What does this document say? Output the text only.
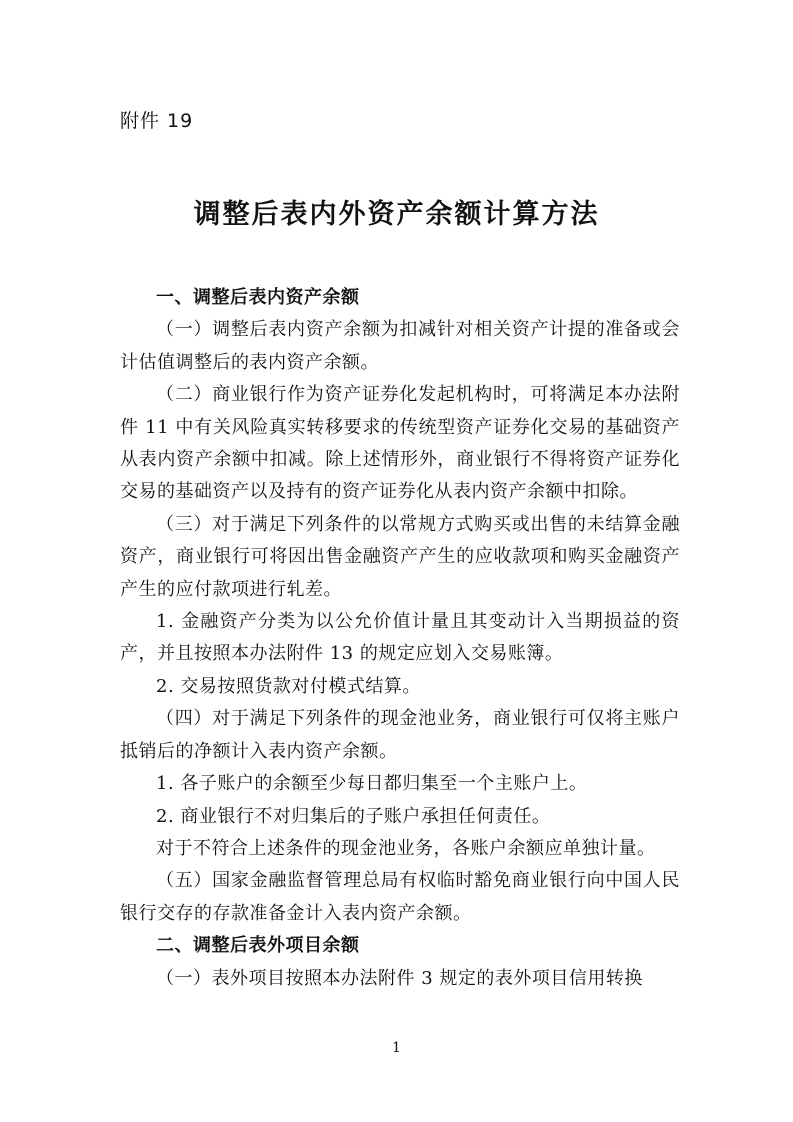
附件 19
调整后表内外资产余额计算方法

一、调整后表内资产余额

（一）调整后表内资产余额为扣减针对相关资产计提的准备或会计估值调整后的表内资产余额。

（二）商业银行作为资产证券化发起机构时，可将满足本办法附件 11 中有关风险真实转移要求的传统型资产证券化交易的基础资产从表内资产余额中扣减。除上述情形外，商业银行不得将资产证券化交易的基础资产以及持有的资产证券化从表内资产余额中扣除。

（三）对于满足下列条件的以常规方式购买或出售的未结算金融资产，商业银行可将因出售金融资产产生的应收款项和购买金融资产产生的应付款项进行轧差。

1. 金融资产分类为以公允价值计量且其变动计入当期损益的资产，并且按照本办法附件 13 的规定应划入交易账簿。

2. 交易按照货款对付模式结算。

（四）对于满足下列条件的现金池业务，商业银行可仅将主账户抵销后的净额计入表内资产余额。

1. 各子账户的余额至少每日都归集至一个主账户上。

2. 商业银行不对归集后的子账户承担任何责任。

对于不符合上述条件的现金池业务，各账户余额应单独计量。

（五）国家金融监督管理总局有权临时豁免商业银行向中国人民银行交存的存款准备金计入表内资产余额。

二、调整后表外项目余额

（一）表外项目按照本办法附件 3 规定的表外项目信用转换

1
